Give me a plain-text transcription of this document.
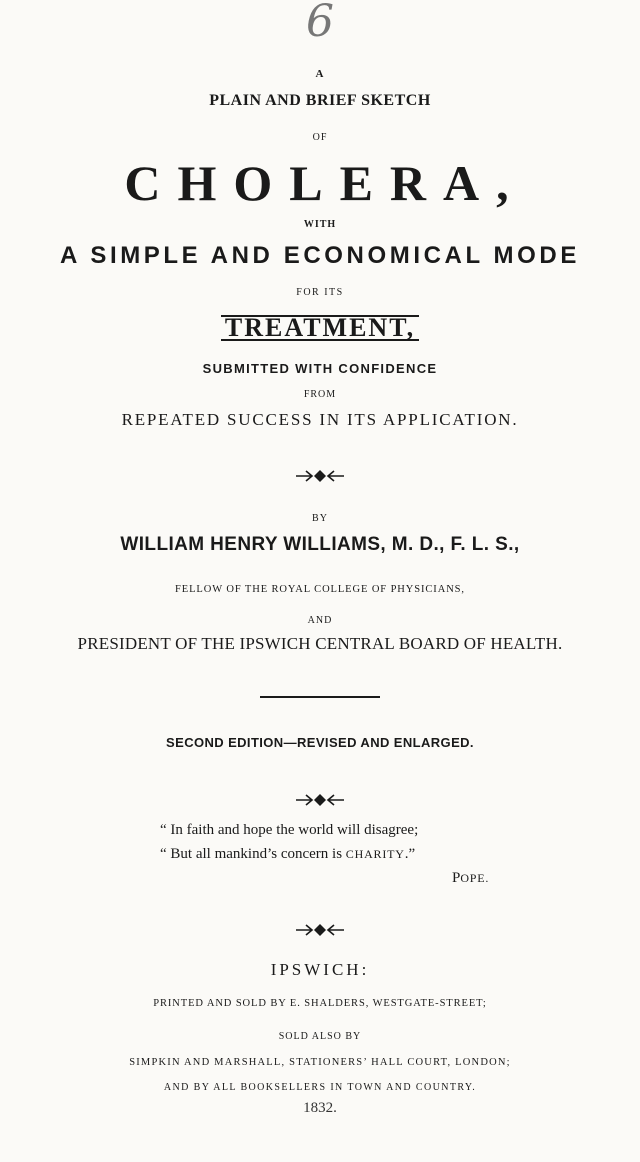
6
A
PLAIN AND BRIEF SKETCH
OF
CHOLERA,
WITH
A SIMPLE AND ECONOMICAL MODE
FOR ITS
TREATMENT,
SUBMITTED WITH CONFIDENCE
FROM
REPEATED SUCCESS IN ITS APPLICATION.
BY
WILLIAM HENRY WILLIAMS, M. D., F. L. S.,
FELLOW OF THE ROYAL COLLEGE OF PHYSICIANS,
AND
PRESIDENT OF THE IPSWICH CENTRAL BOARD OF HEALTH.
SECOND EDITION—REVISED AND ENLARGED.
“ In faith and hope the world will disagree;
“ But all mankind’s concern is CHARITY.”
POPE.
IPSWICH:
PRINTED AND SOLD BY E. SHALDERS, WESTGATE-STREET;
SOLD ALSO BY
SIMPKIN AND MARSHALL, STATIONERS’ HALL COURT, LONDON;
AND BY ALL BOOKSELLERS IN TOWN AND COUNTRY.
1832.
